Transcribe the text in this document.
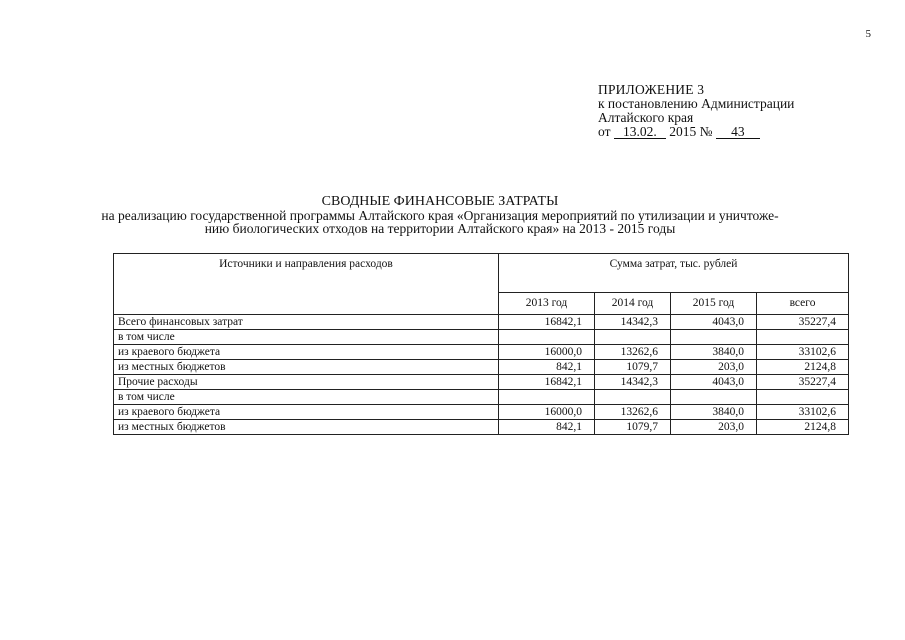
5
ПРИЛОЖЕНИЕ 3
к постановлению Администрации
Алтайского края
от 13.02. 2015 № 43
СВОДНЫЕ ФИНАНСОВЫЕ ЗАТРАТЫ
на реализацию государственной программы Алтайского края «Организация мероприятий по утилизации и уничтоже-
нию биологических отходов на территории Алтайского края» на 2013 - 2015 годы
Источники и направления расходов	Сумма затрат, тыс. рублей			
	2013 год	2014 год	2015 год	всего
Всего финансовых затрат	16842,1	14342,3	4043,0	35227,4
в том числе				
из краевого бюджета	16000,0	13262,6	3840,0	33102,6
из местных бюджетов	842,1	1079,7	203,0	2124,8
Прочие расходы	16842,1	14342,3	4043,0	35227,4
в том числе				
из краевого бюджета	16000,0	13262,6	3840,0	33102,6
из местных бюджетов	842,1	1079,7	203,0	2124,8
